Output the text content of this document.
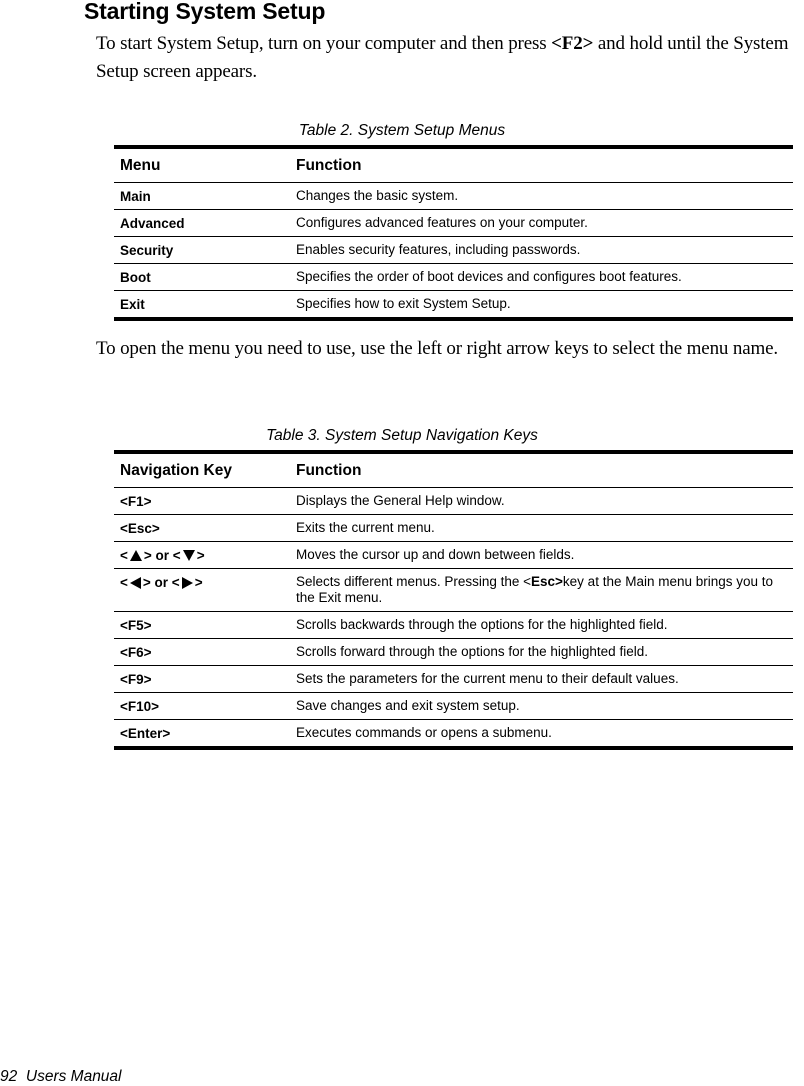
Starting System Setup

To start System Setup, turn on your computer and then press <F2> and hold until the System Setup screen appears.

Table 2. System Setup Menus

Menu	Function
Main	Changes the basic system.
Advanced	Configures advanced features on your computer.
Security	Enables security features, including passwords.
Boot	Specifies the order of boot devices and configures boot features.
Exit	Specifies how to exit System Setup.

To open the menu you need to use, use the left or right arrow keys to select the menu name.

Table 3. System Setup Navigation Keys

Navigation Key	Function
<F1>	Displays the General Help window.
<Esc>	Exits the current menu.
< > or < >	Moves the cursor up and down between fields.
< > or < >	Selects different menus. Pressing the <Esc>key at the Main menu brings you to the Exit menu.
<F5>	Scrolls backwards through the options for the highlighted field.
<F6>	Scrolls forward through the options for the highlighted field.
<F9>	Sets the parameters for the current menu to their default values.
<F10>	Save changes and exit system setup.
<Enter>	Executes commands or opens a submenu.

92 Users Manual
